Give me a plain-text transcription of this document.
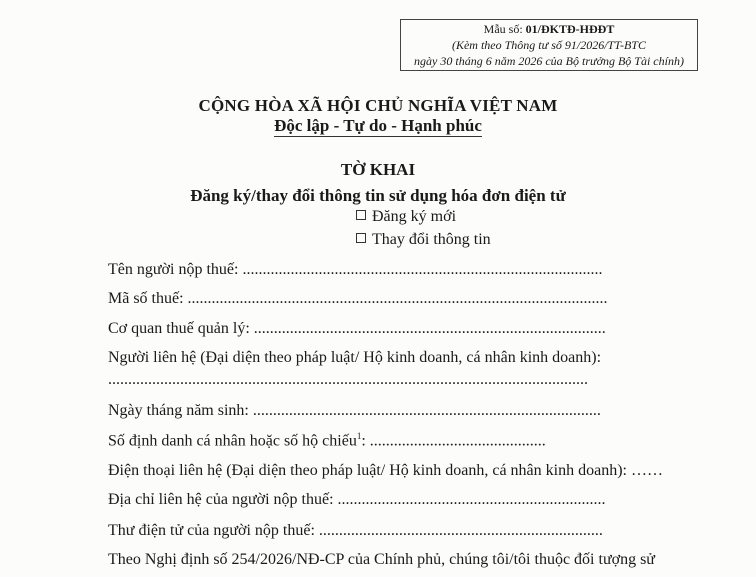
Mẫu số: 01/ĐKTĐ-HĐĐT
(Kèm theo Thông tư số 91/2026/TT-BTC
ngày 30 tháng 6 năm 2026 của Bộ trưởng Bộ Tài chính)
CỘNG HÒA XÃ HỘI CHỦ NGHĨA VIỆT NAM
Độc lập - Tự do - Hạnh phúc
TỜ KHAI
Đăng ký/thay đổi thông tin sử dụng hóa đơn điện tử
Đăng ký mới
Thay đổi thông tin
Tên người nộp thuế: ..........................................................................................
Mã số thuế: .........................................................................................................
Cơ quan thuế quản lý: ........................................................................................
Người liên hệ (Đại diện theo pháp luật/ Hộ kinh doanh, cá nhân kinh doanh):
........................................................................................................................
Ngày tháng năm sinh: .......................................................................................
Số định danh cá nhân hoặc số hộ chiếu$^1$: ............................................
Điện thoại liên hệ (Đại diện theo pháp luật/ Hộ kinh doanh, cá nhân kinh doanh): ……
Địa chỉ liên hệ của người nộp thuế: ...................................................................
Thư điện tử của người nộp thuế: .......................................................................
Theo Nghị định số 254/2026/NĐ-CP của Chính phủ, chúng tôi/tôi thuộc đối tượng sử
